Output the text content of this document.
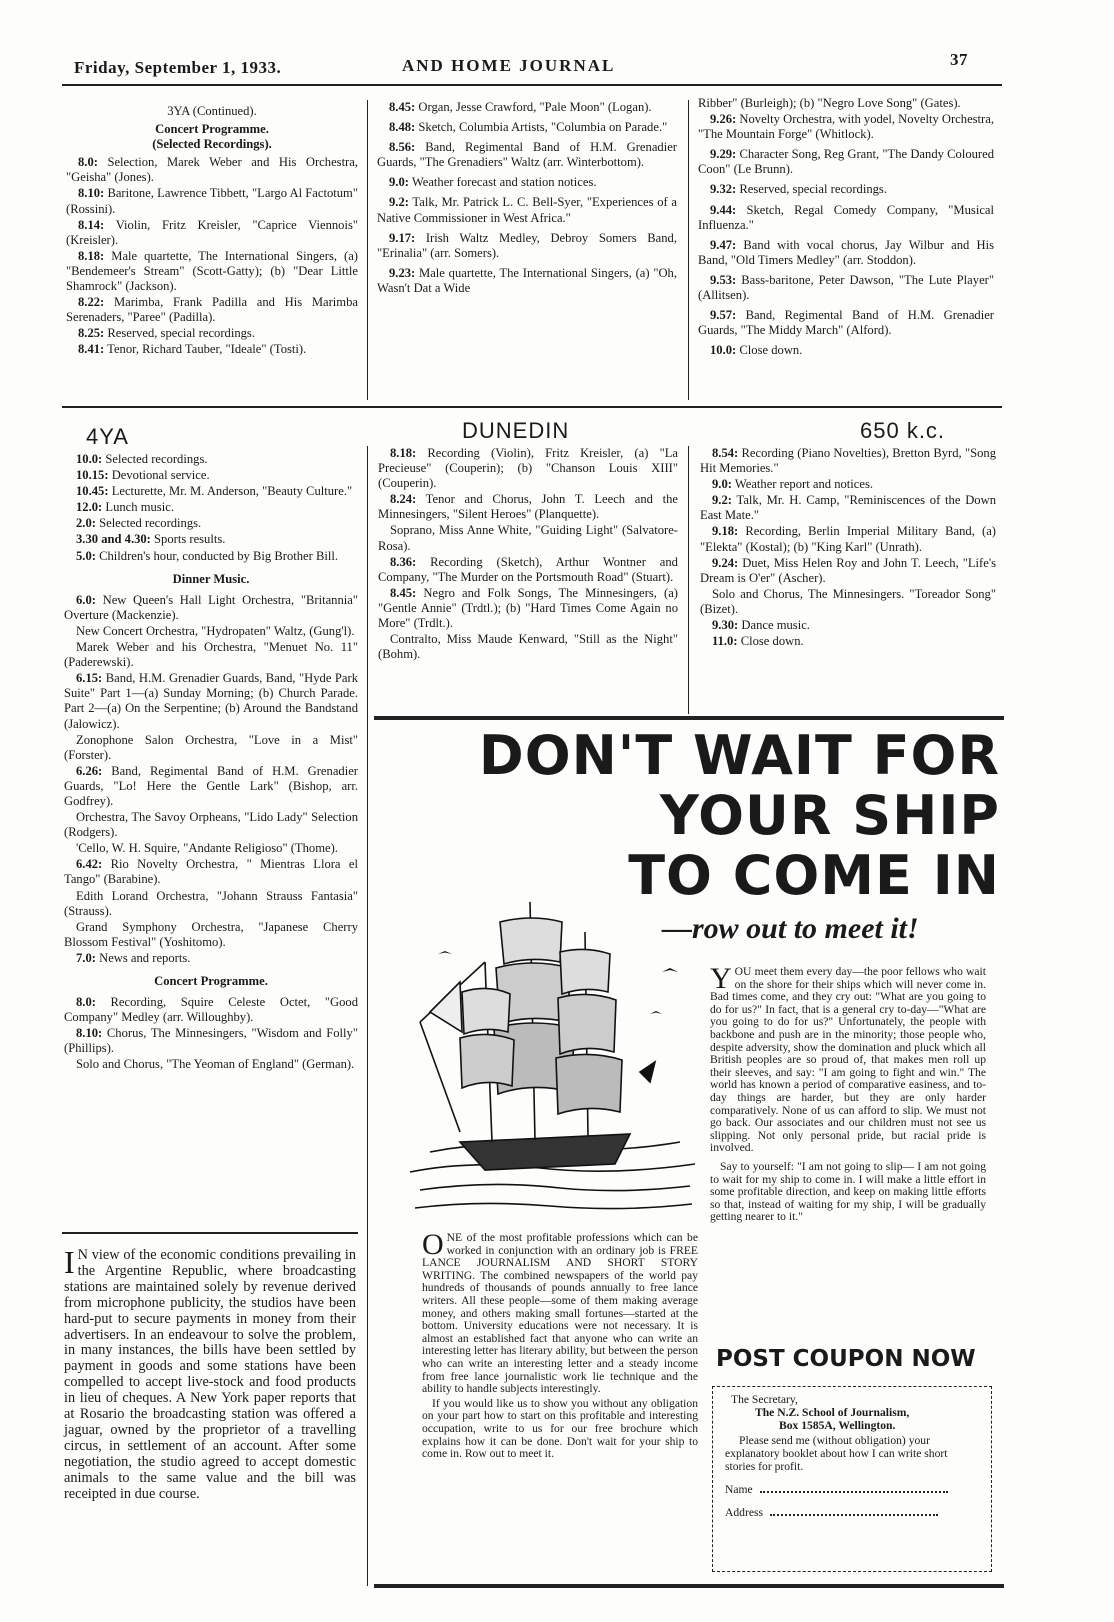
Friday, September 1, 1933.	AND HOME JOURNAL	37

3YA (Continued).

Concert Programme.

(Selected Recordings).

8.0: Selection, Marek Weber and His Orchestra, "Geisha" (Jones).

8.10: Baritone, Lawrence Tibbett, "Largo Al Factotum" (Rossini).

8.14: Violin, Fritz Kreisler, "Caprice Viennois" (Kreisler).

8.18: Male quartette, The International Singers, (a) "Bendemeer's Stream" (Scott-Gatty); (b) "Dear Little Shamrock" (Jackson).

8.22: Marimba, Frank Padilla and His Marimba Serenaders, "Paree" (Padilla).

8.25: Reserved, special recordings.

8.41: Tenor, Richard Tauber, "Ideale" (Tosti).

8.45: Organ, Jesse Crawford, "Pale Moon" (Logan).

8.48: Sketch, Columbia Artists, "Columbia on Parade."

8.56: Band, Regimental Band of H.M. Grenadier Guards, "The Grenadiers" Waltz (arr. Winterbottom).

9.0: Weather forecast and station notices.

9.2: Talk, Mr. Patrick L. C. Bell-Syer, "Experiences of a Native Commissioner in West Africa."

9.17: Irish Waltz Medley, Debroy Somers Band, "Erinalia" (arr. Somers).

9.23: Male quartette, The International Singers, (a) "Oh, Wasn't Dat a Wide

Ribber" (Burleigh); (b) "Negro Love Song" (Gates).

9.26: Novelty Orchestra, with yodel, Novelty Orchestra, "The Mountain Forge" (Whitlock).

9.29: Character Song, Reg Grant, "The Dandy Coloured Coon" (Le Brunn).

9.32: Reserved, special recordings.

9.44: Sketch, Regal Comedy Company, "Musical Influenza."

9.47: Band with vocal chorus, Jay Wilbur and His Band, "Old Timers Medley" (arr. Stoddon).

9.53: Bass-baritone, Peter Dawson, "The Lute Player" (Allitsen).

9.57: Band, Regimental Band of H.M. Grenadier Guards, "The Middy March" (Alford).

10.0: Close down.

4YA	DUNEDIN	650 k.c.

10.0: Selected recordings.

10.15: Devotional service.

10.45: Lecturette, Mr. M. Anderson, "Beauty Culture."

12.0: Lunch music.

2.0: Selected recordings.

3.30 and 4.30: Sports results.

5.0: Children's hour, conducted by Big Brother Bill.

Dinner Music.

6.0: New Queen's Hall Light Orchestra, "Britannia" Overture (Mackenzie).

New Concert Orchestra, "Hydropaten" Waltz, (Gung'l).

Marek Weber and his Orchestra, "Menuet No. 11" (Paderewski).

6.15: Band, H.M. Grenadier Guards, Band, "Hyde Park Suite" Part 1—(a) Sunday Morning; (b) Church Parade. Part 2—(a) On the Serpentine; (b) Around the Bandstand (Jalowicz).

Zonophone Salon Orchestra, "Love in a Mist" (Forster).

6.26: Band, Regimental Band of H.M. Grenadier Guards, "Lo! Here the Gentle Lark" (Bishop, arr. Godfrey).

Orchestra, The Savoy Orpheans, "Lido Lady" Selection (Rodgers).

'Cello, W. H. Squire, "Andante Religioso" (Thome).

6.42: Rio Novelty Orchestra, " Mientras Llora el Tango" (Barabine).

Edith Lorand Orchestra, "Johann Strauss Fantasia" (Strauss).

Grand Symphony Orchestra, "Japanese Cherry Blossom Festival" (Yoshitomo).

7.0: News and reports.

Concert Programme.

8.0: Recording, Squire Celeste Octet, "Good Company" Medley (arr. Willoughby).

8.10: Chorus, The Minnesingers, "Wisdom and Folly" (Phillips).

Solo and Chorus, "The Yeoman of England" (German).

I N view of the economic conditions prevailing in the Argentine Republic, where broadcasting stations are maintained solely by revenue derived from microphone publicity, the studios have been hard-put to secure payments in money from their advertisers. In an endeavour to solve the problem, in many instances, the bills have been settled by payment in goods and some stations have been compelled to accept live-stock and food products in lieu of cheques. A New York paper reports that at Rosario the broadcasting station was offered a jaguar, owned by the proprietor of a travelling circus, in settlement of an account. After some negotiation, the studio agreed to accept domestic animals to the same value and the bill was receipted in due course.

8.18: Recording (Violin), Fritz Kreisler, (a) "La Precieuse" (Couperin); (b) "Chanson Louis XIII" (Couperin).

8.24: Tenor and Chorus, John T. Leech and the Minnesingers, "Silent Heroes" (Planquette).

Soprano, Miss Anne White, "Guiding Light" (Salvatore-Rosa).

8.36: Recording (Sketch), Arthur Wontner and Company, "The Murder on the Portsmouth Road" (Stuart).

8.45: Negro and Folk Songs, The Minnesingers, (a) "Gentle Annie" (Trdtl.); (b) "Hard Times Come Again no More" (Trdlt.).

Contralto, Miss Maude Kenward, "Still as the Night" (Bohm).

8.54: Recording (Piano Novelties), Bretton Byrd, "Song Hit Memories."

9.0: Weather report and notices.

9.2: Talk, Mr. H. Camp, "Reminiscences of the Down East Mate."

9.18: Recording, Berlin Imperial Military Band, (a) "Elekta" (Kostal); (b) "King Karl" (Unrath).

9.24: Duet, Miss Helen Roy and John T. Leech, "Life's Dream is O'er" (Ascher).

Solo and Chorus, The Minnesingers. "Toreador Song" (Bizet).

9.30: Dance music.

11.0: Close down.

DON'T WAIT FOR
YOUR SHIP
TO COME IN
—row out to meet it!

YOU meet them every day—the poor fellows who wait on the shore for their ships which will never come in. Bad times come, and they cry out: "What are you going to do for us?" In fact, that is a general cry to-day—"What are you going to do for us?" Unfortunately, the people with backbone and push are in the minority; those people who, despite adversity, show the domination and pluck which all British peoples are so proud of, that makes men roll up their sleeves, and say: "I am going to fight and win." The world has known a period of comparative easiness, and to-day things are harder, but they are only harder comparatively. None of us can afford to slip. We must not go back. Our associates and our children must not see us slipping. Not only personal pride, but racial pride is involved.

Say to yourself: "I am not going to slip— I am not going to wait for my ship to come in. I will make a little effort in some profitable direction, and keep on making little efforts so that, instead of waiting for my ship, I will be gradually getting nearer to it."

ONE of the most profitable professions which can be worked in conjunction with an ordinary job is FREE LANCE JOURNALISM AND SHORT STORY WRITING. The combined newspapers of the world pay hundreds of thousands of pounds annually to free lance writers. All these people—some of them making average money, and others making small fortunes—started at the bottom. University educations were not necessary. It is almost an established fact that anyone who can write an interesting letter has literary ability, but between the person who can write an interesting letter and a steady income from free lance journalistic work lie technique and the ability to handle subjects interestingly.

If you would like us to show you without any obligation on your part how to start on this profitable and interesting occupation, write to us for our free brochure which explains how it can be done. Don't wait for your ship to come in. Row out to meet it.

POST COUPON NOW

The Secretary,

The N.Z. School of Journalism,

Box 1585A, Wellington.

Please send me (without obligation) your explanatory booklet about how I can write short stories for profit.

Name

Address
